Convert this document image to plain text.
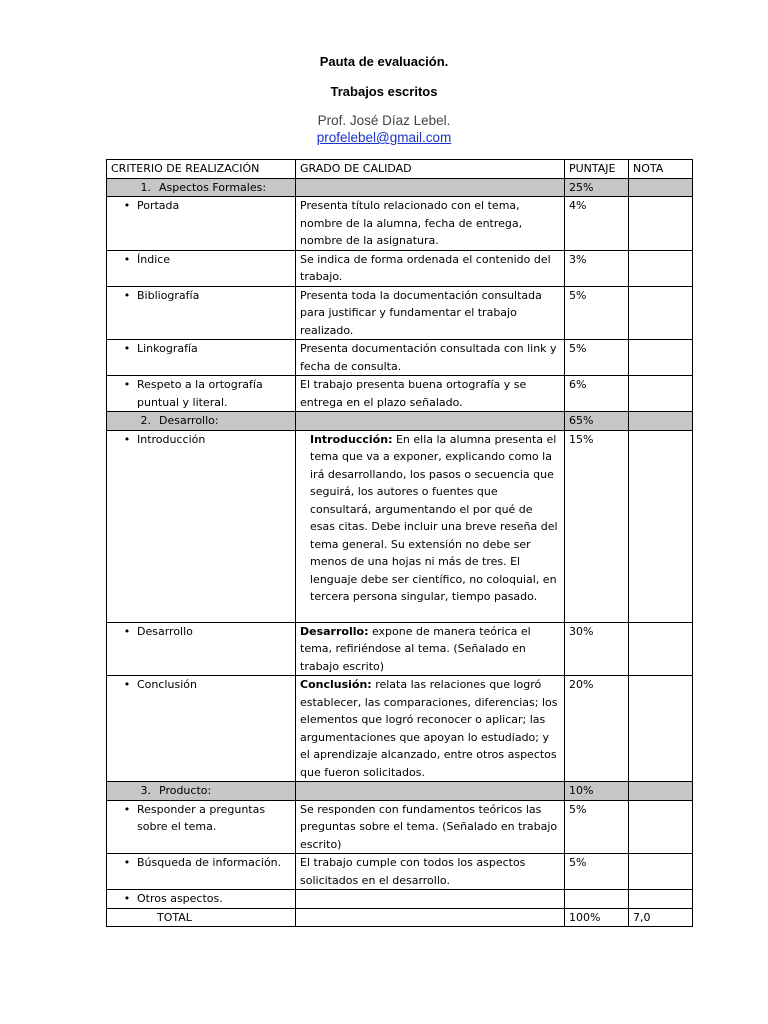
Pauta de evaluación.
Trabajos escritos
Prof. José Díaz Lebel.
profelebel@gmail.com
CRITERIO DE REALIZACIÓN	GRADO DE CALIDAD	PUNTAJE	NOTA

1. Aspectos Formales:		25%	

• Portada	Presenta título relacionado con el tema, nombre de la alumna, fecha de entrega, nombre de la asignatura.	4%	

• Índice	Se indica de forma ordenada el contenido del trabajo.	3%	

• Bibliografía	Presenta toda la documentación consultada para justificar y fundamentar el trabajo realizado.	5%	

• Linkografía	Presenta documentación consultada con link y fecha de consulta.	5%	

• Respeto a la ortografía puntual y literal.	El trabajo presenta buena ortografía y se entrega en el plazo señalado.	6%	

2. Desarrollo:		65%	

• Introducción	Introducción: En ella la alumna presenta el tema que va a exponer, explicando como la irá desarrollando, los pasos o secuencia que seguirá, los autores o fuentes que consultará, argumentando el por qué de esas citas. Debe incluir una breve reseña del tema general. Su extensión no debe ser menos de una hojas ni más de tres. El lenguaje debe ser científico, no coloquial, en tercera persona singular, tiempo pasado.	15%	

• Desarrollo	Desarrollo: expone de manera teórica el tema, refiriéndose al tema. (Señalado en trabajo escrito)	30%	

• Conclusión	Conclusión: relata las relaciones que logró establecer, las comparaciones, diferencias; los elementos que logró reconocer o aplicar; las argumentaciones que apoyan lo estudiado; y el aprendizaje alcanzado, entre otros aspectos que fueron solicitados.	20%	

3. Producto:		10%	

• Responder a preguntas sobre el tema.	Se responden con fundamentos teóricos las preguntas sobre el tema. (Señalado en trabajo escrito)	5%	

• Búsqueda de información.	El trabajo cumple con todos los aspectos solicitados en el desarrollo.	5%	

• Otros aspectos.			

TOTAL		100%	7,0
